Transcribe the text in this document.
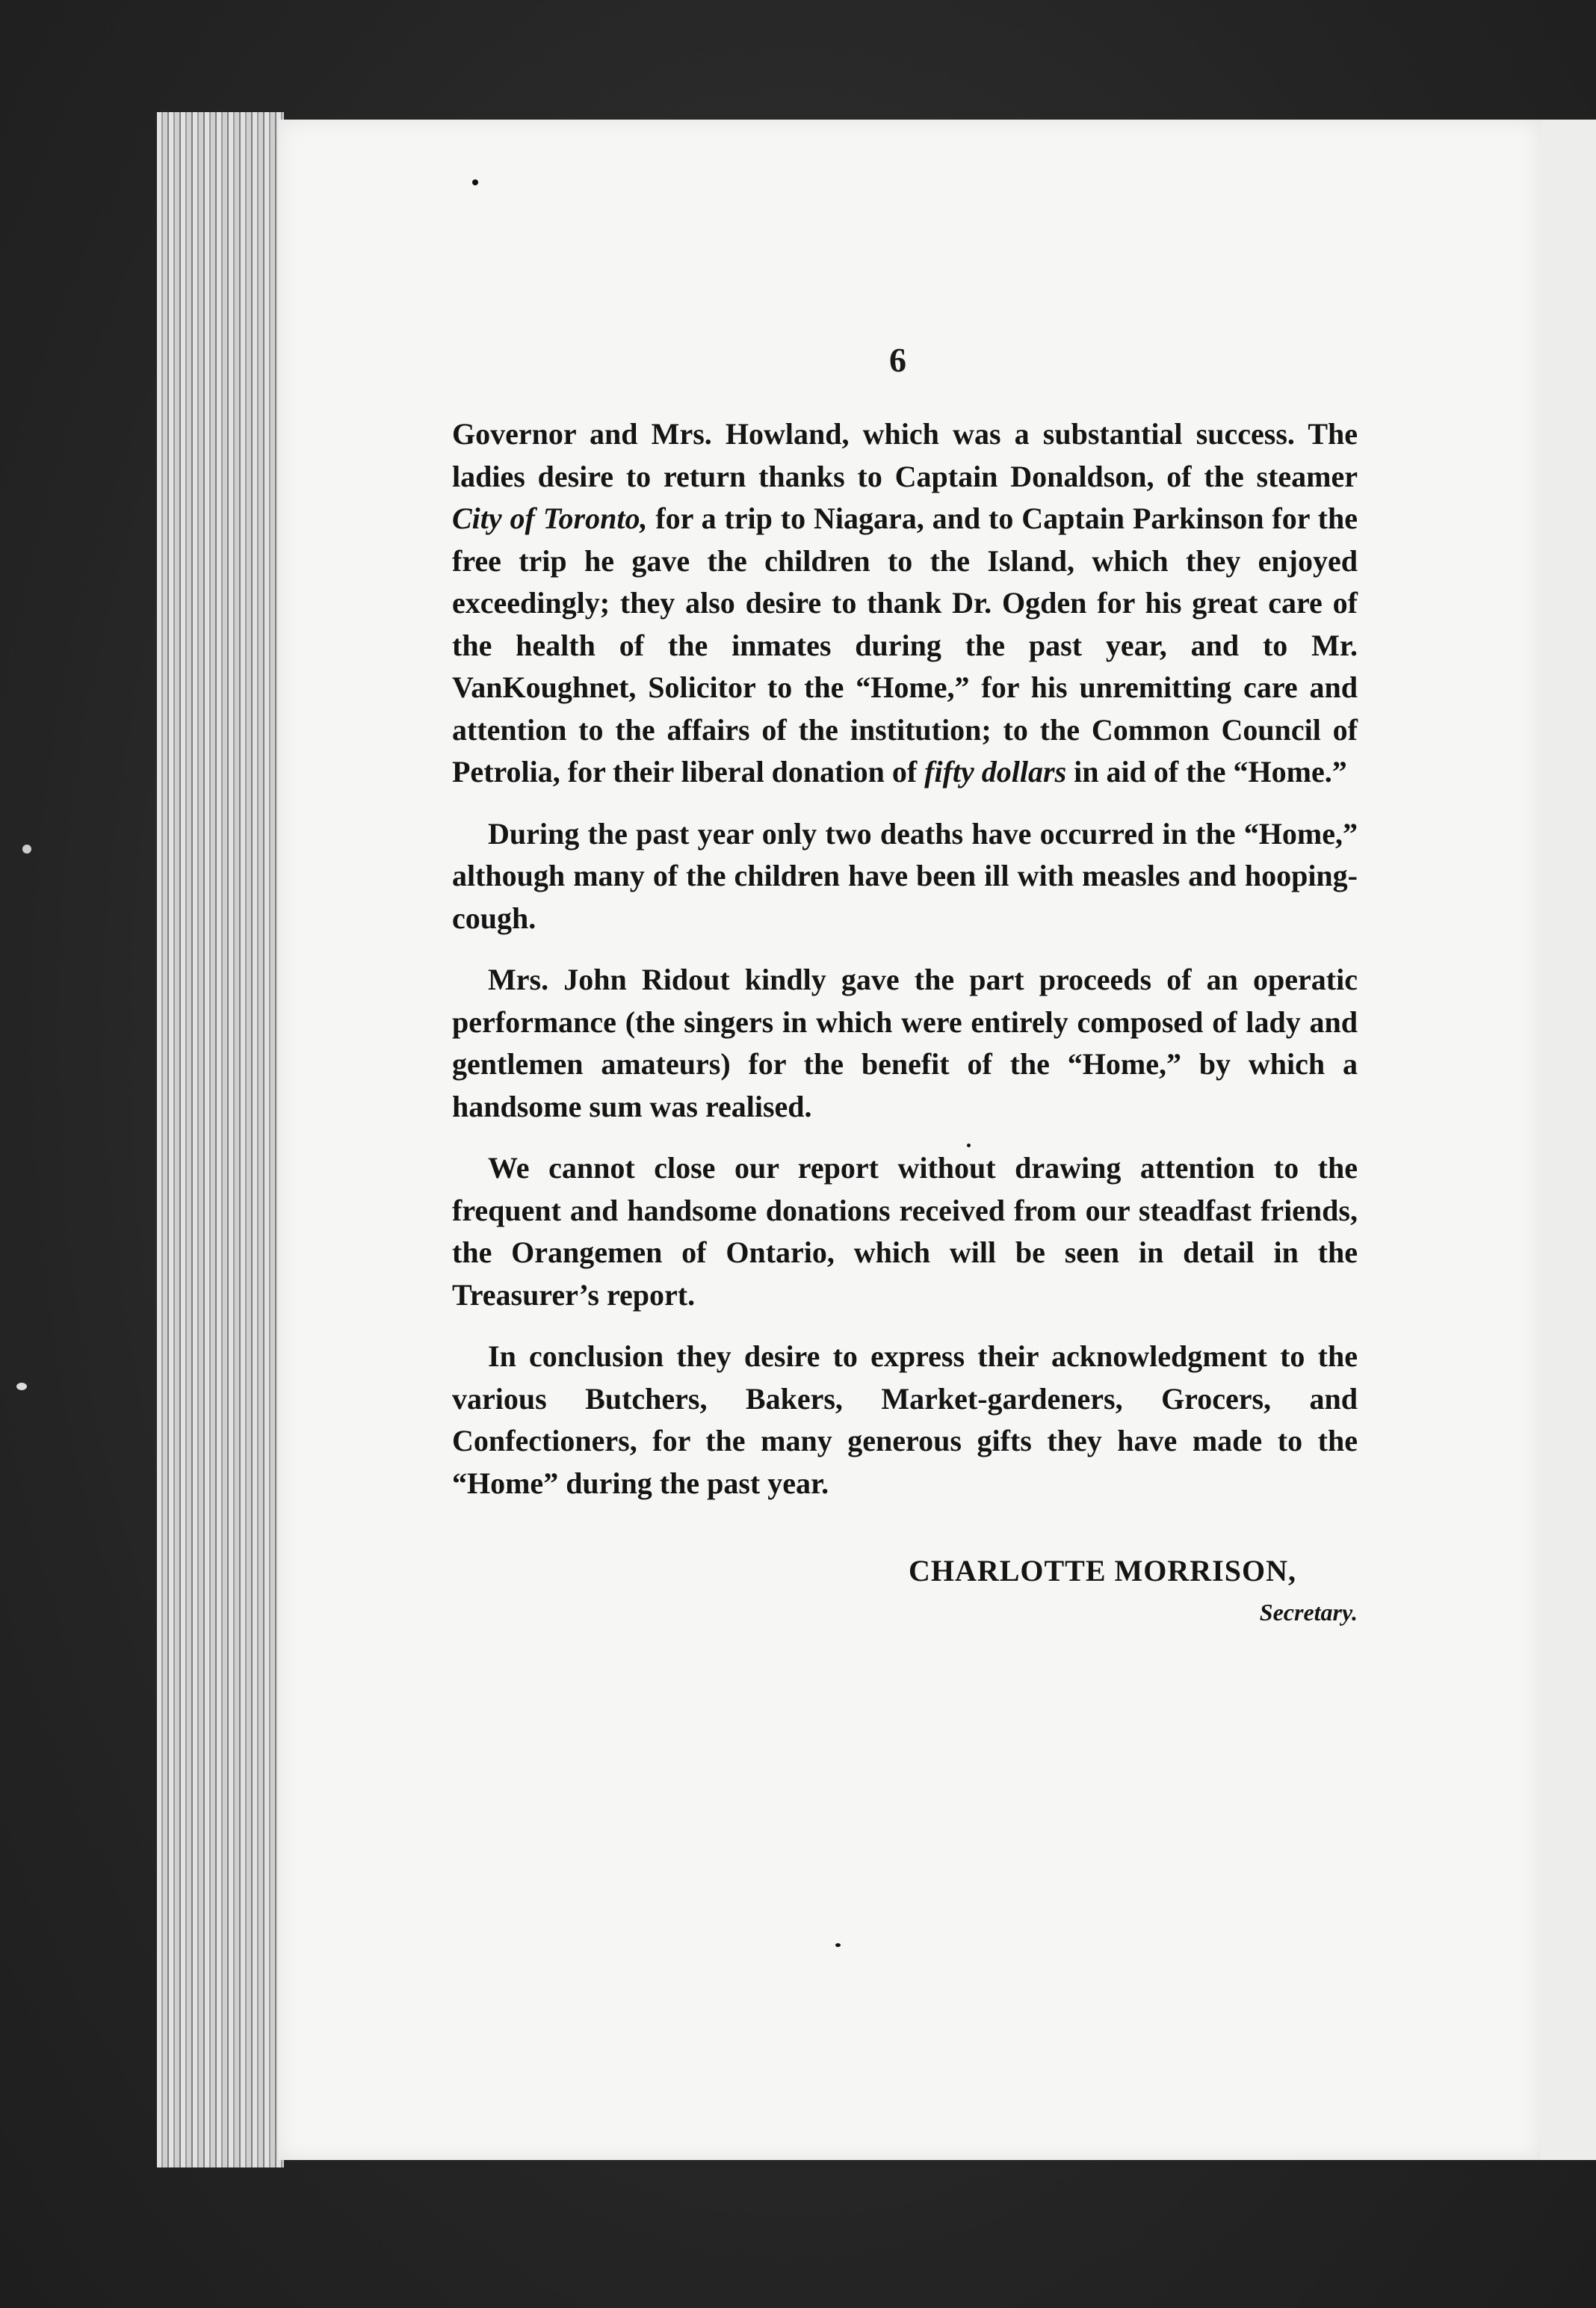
6

Governor and Mrs. Howland, which was a substantial success. The ladies desire to return thanks to Captain Donaldson, of the steamer City of Toronto, for a trip to Niagara, and to Captain Parkinson for the free trip he gave the children to the Island, which they enjoyed exceedingly; they also desire to thank Dr. Ogden for his great care of the health of the inmates during the past year, and to Mr. VanKoughnet, Solicitor to the “Home,” for his unremitting care and attention to the affairs of the institution; to the Common Council of Petrolia, for their liberal donation of fifty dollars in aid of the “Home.”

During the past year only two deaths have occurred in the “Home,” although many of the children have been ill with measles and hooping-cough.

Mrs. John Ridout kindly gave the part proceeds of an operatic performance (the singers in which were entirely composed of lady and gentlemen amateurs) for the benefit of the “Home,” by which a handsome sum was realised.

We cannot close our report without drawing attention to the frequent and handsome donations received from our steadfast friends, the Orangemen of Ontario, which will be seen in detail in the Treasurer’s report.

In conclusion they desire to express their acknowledgment to the various Butchers, Bakers, Market-gardeners, Grocers, and Confectioners, for the many generous gifts they have made to the “Home” during the past year.

CHARLOTTE MORRISON,
Secretary.
